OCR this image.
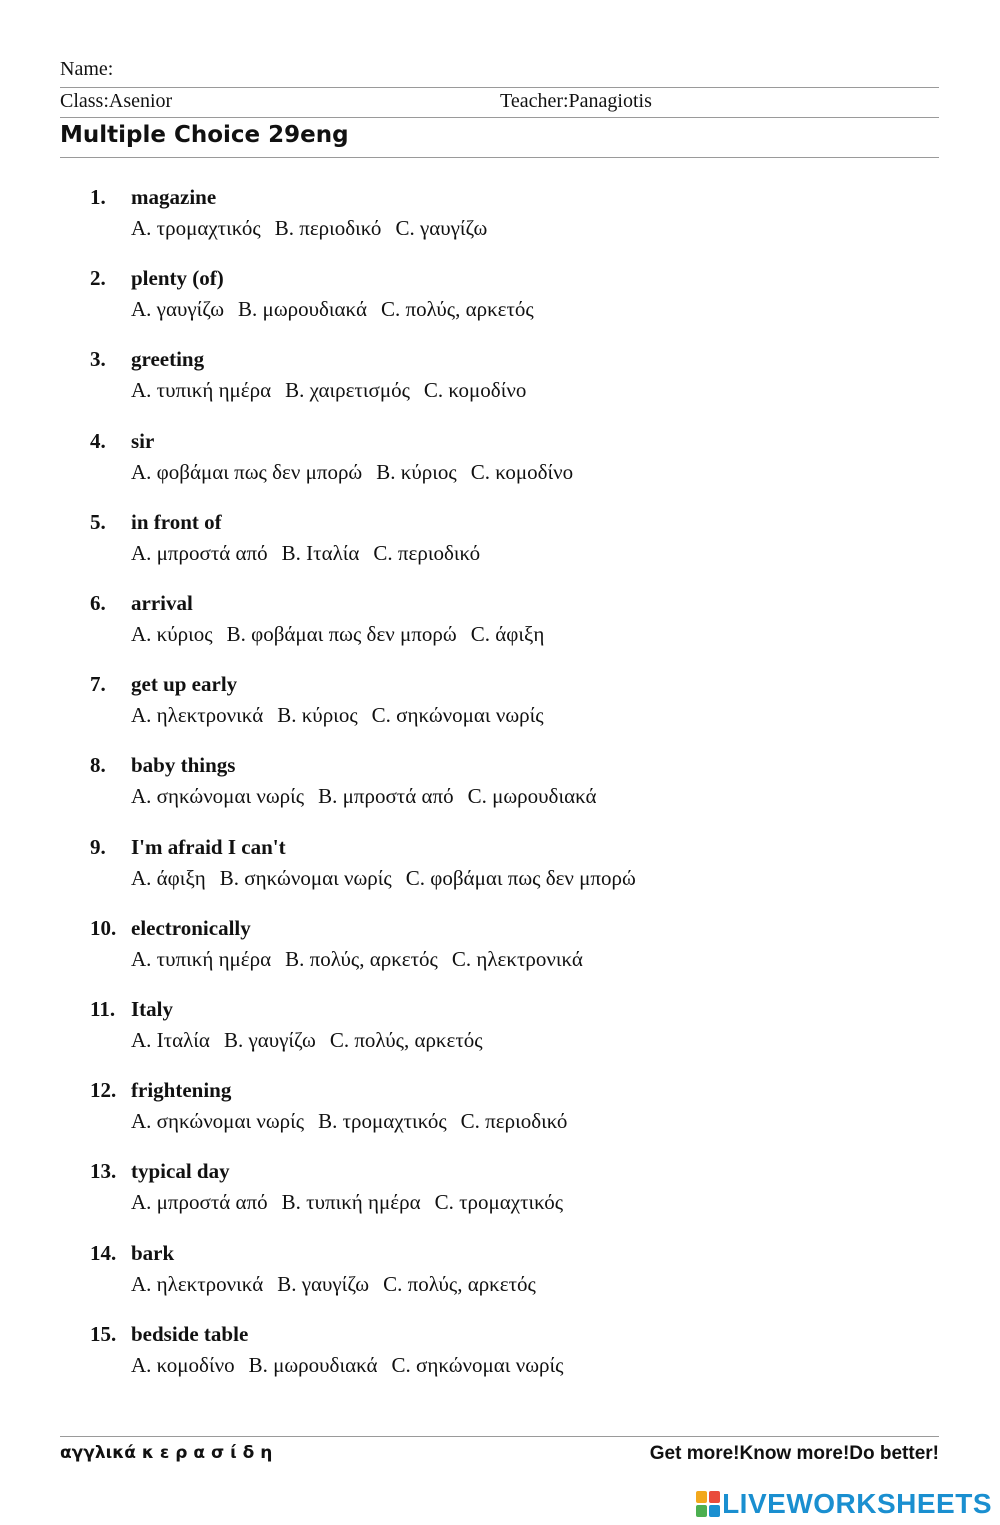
Name:
Class:Asenior	Teacher:Panagiotis
Multiple Choice 29eng
1. magazine
A. τρομαχτικός B. περιοδικό C. γαυγίζω
2. plenty (of)
A. γαυγίζω B. μωρουδιακά C. πολύς, αρκετός
3. greeting
A. τυπική ημέρα B. χαιρετισμός C. κομοδίνο
4. sir
A. φοβάμαι πως δεν μπορώ B. κύριος C. κομοδίνο
5. in front of
A. μπροστά από B. Ιταλία C. περιοδικό
6. arrival
A. κύριος B. φοβάμαι πως δεν μπορώ C. άφιξη
7. get up early
A. ηλεκτρονικά B. κύριος C. σηκώνομαι νωρίς
8. baby things
A. σηκώνομαι νωρίς B. μπροστά από C. μωρουδιακά
9. I'm afraid I can't
A. άφιξη B. σηκώνομαι νωρίς C. φοβάμαι πως δεν μπορώ
10. electronically
A. τυπική ημέρα B. πολύς, αρκετός C. ηλεκτρονικά
11. Italy
A. Ιταλία B. γαυγίζω C. πολύς, αρκετός
12. frightening
A. σηκώνομαι νωρίς B. τρομαχτικός C. περιοδικό
13. typical day
A. μπροστά από B. τυπική ημέρα C. τρομαχτικός
14. bark
A. ηλεκτρονικά B. γαυγίζω C. πολύς, αρκετός
15. bedside table
A. κομοδίνο B. μωρουδιακά C. σηκώνομαι νωρίς
αγγλικά κ ε ρ α σ ί δ η	Get more!Know more!Do better!
LIVEWORKSHEETS
